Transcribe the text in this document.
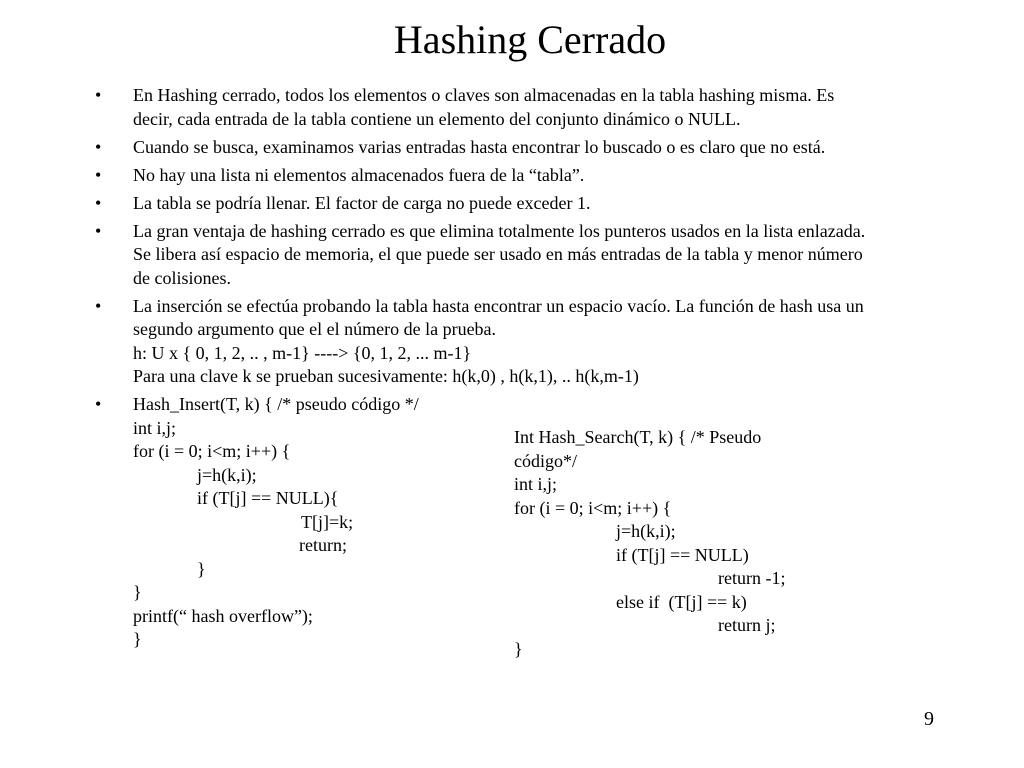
Hashing Cerrado
• En Hashing cerrado, todos los elementos o claves son almacenadas en la tabla hashing misma. Es
decir, cada entrada de la tabla contiene un elemento del conjunto dinámico o NULL.
• Cuando se busca, examinamos varias entradas hasta encontrar lo buscado o es claro que no está.
• No hay una lista ni elementos almacenados fuera de la “tabla”.
• La tabla se podría llenar. El factor de carga no puede exceder 1.
• La gran ventaja de hashing cerrado es que elimina totalmente los punteros usados en la lista enlazada.
Se libera así espacio de memoria, el que puede ser usado en más entradas de la tabla y menor número
de colisiones.
• La inserción se efectúa probando la tabla hasta encontrar un espacio vacío. La función de hash usa un
segundo argumento que el el número de la prueba.
h: U x { 0, 1, 2, .. , m-1} ----> {0, 1, 2, ... m-1}
Para una clave k se prueban sucesivamente: h(k,0) , h(k,1), .. h(k,m-1)
• Hash_Insert(T, k) { /* pseudo código */
int i,j;
for (i = 0; i<m; i++) {
j=h(k,i);
if (T[j] == NULL){
T[j]=k;
return;
}
}
printf(“ hash overflow”);
}
Int Hash_Search(T, k) { /* Pseudo
código*/
int i,j;
for (i = 0; i<m; i++) {
j=h(k,i);
if (T[j] == NULL)
return -1;
else if  (T[j] == k)
return j;
}
9
